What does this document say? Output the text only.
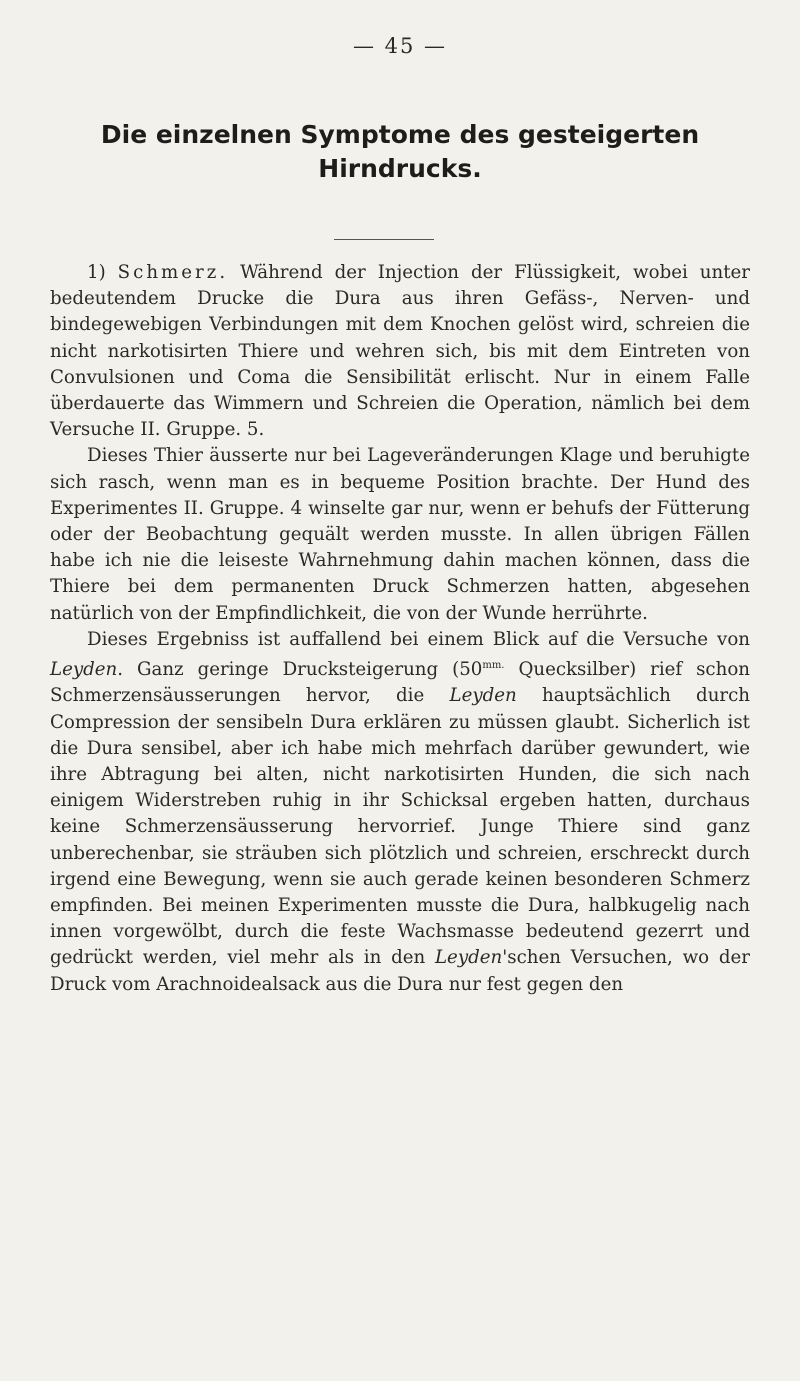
— 45 —
Die einzelnen Symptome des gesteigerten
Hirndrucks.

1) Schmerz. Während der Injection der Flüssigkeit, wobei unter bedeutendem Drucke die Dura aus ihren Gefäss-, Nerven- und bindegewebigen Verbindungen mit dem Knochen gelöst wird, schreien die nicht narkotisirten Thiere und wehren sich, bis mit dem Eintreten von Convulsionen und Coma die Sensibilität erlischt. Nur in einem Falle überdauerte das Wimmern und Schreien die Operation, nämlich bei dem Versuche II. Gruppe. 5.

Dieses Thier äusserte nur bei Lageveränderungen Klage und beruhigte sich rasch, wenn man es in bequeme Position brachte. Der Hund des Experimentes II. Gruppe. 4 winselte gar nur, wenn er behufs der Fütterung oder der Beobachtung gequält werden musste. In allen übrigen Fällen habe ich nie die leiseste Wahrnehmung dahin machen können, dass die Thiere bei dem permanenten Druck Schmerzen hatten, abgesehen natürlich von der Empfindlichkeit, die von der Wunde herrührte.

Dieses Ergebniss ist auffallend bei einem Blick auf die Versuche von Leyden. Ganz geringe Drucksteigerung ($50^{mm.}$ Quecksilber) rief schon Schmerzensäusserungen hervor, die Leyden hauptsächlich durch Compression der sensibeln Dura erklären zu müssen glaubt. Sicherlich ist die Dura sensibel, aber ich habe mich mehrfach darüber gewundert, wie ihre Abtragung bei alten, nicht narkotisirten Hunden, die sich nach einigem Widerstreben ruhig in ihr Schicksal ergeben hatten, durchaus keine Schmerzensäusserung hervorrief. Junge Thiere sind ganz unberechenbar, sie sträuben sich plötzlich und schreien, erschreckt durch irgend eine Bewegung, wenn sie auch gerade keinen besonderen Schmerz empfinden. Bei meinen Experimenten musste die Dura, halbkugelig nach innen vorgewölbt, durch die feste Wachsmasse bedeutend gezerrt und gedrückt werden, viel mehr als in den Leyden'schen Versuchen, wo der Druck vom Arachnoidealsack aus die Dura nur fest gegen den
